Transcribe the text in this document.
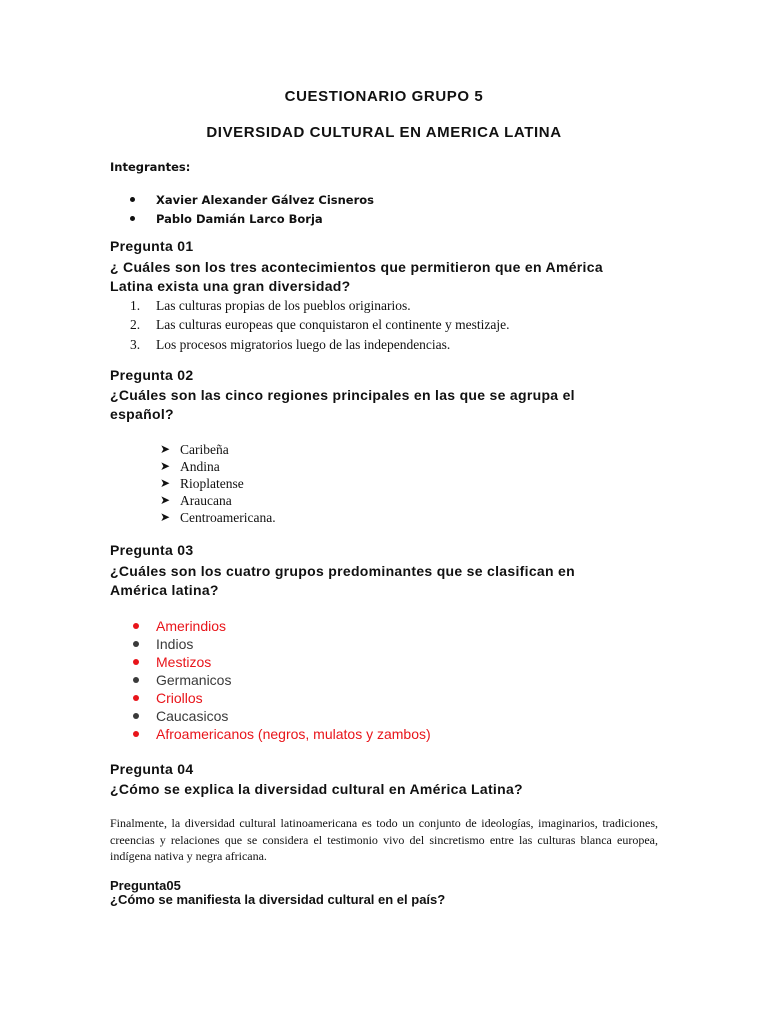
CUESTIONARIO GRUPO 5
DIVERSIDAD CULTURAL EN AMERICA LATINA
Integrantes:
Xavier Alexander Gálvez Cisneros
Pablo Damián Larco Borja
Pregunta 01
¿ Cuáles son los tres acontecimientos que permitieron que en América
Latina exista una gran diversidad?
1.	Las culturas propias de los pueblos originarios.
2.	Las culturas europeas que conquistaron el continente y mestizaje.
3.	Los procesos migratorios luego de las independencias.
Pregunta 02
¿Cuáles son las cinco regiones principales en las que se agrupa el
español?
➤ Caribeña
➤ Andina
➤ Rioplatense
➤ Araucana
➤ Centroamericana.
Pregunta 03
¿Cuáles son los cuatro grupos predominantes que se clasifican en
América latina?
Amerindios
Indios
Mestizos
Germanicos
Criollos
Caucasicos
Afroamericanos (negros, mulatos y zambos)
Pregunta 04
¿Cómo se explica la diversidad cultural en América Latina?
Finalmente, la diversidad cultural latinoamericana es todo un conjunto de ideologías, imaginarios, tradiciones, creencias y relaciones que se considera el testimonio vivo del sincretismo entre las culturas blanca europea, indígena nativa y negra africana.
Pregunta05
¿Cómo se manifiesta la diversidad cultural en el país?
